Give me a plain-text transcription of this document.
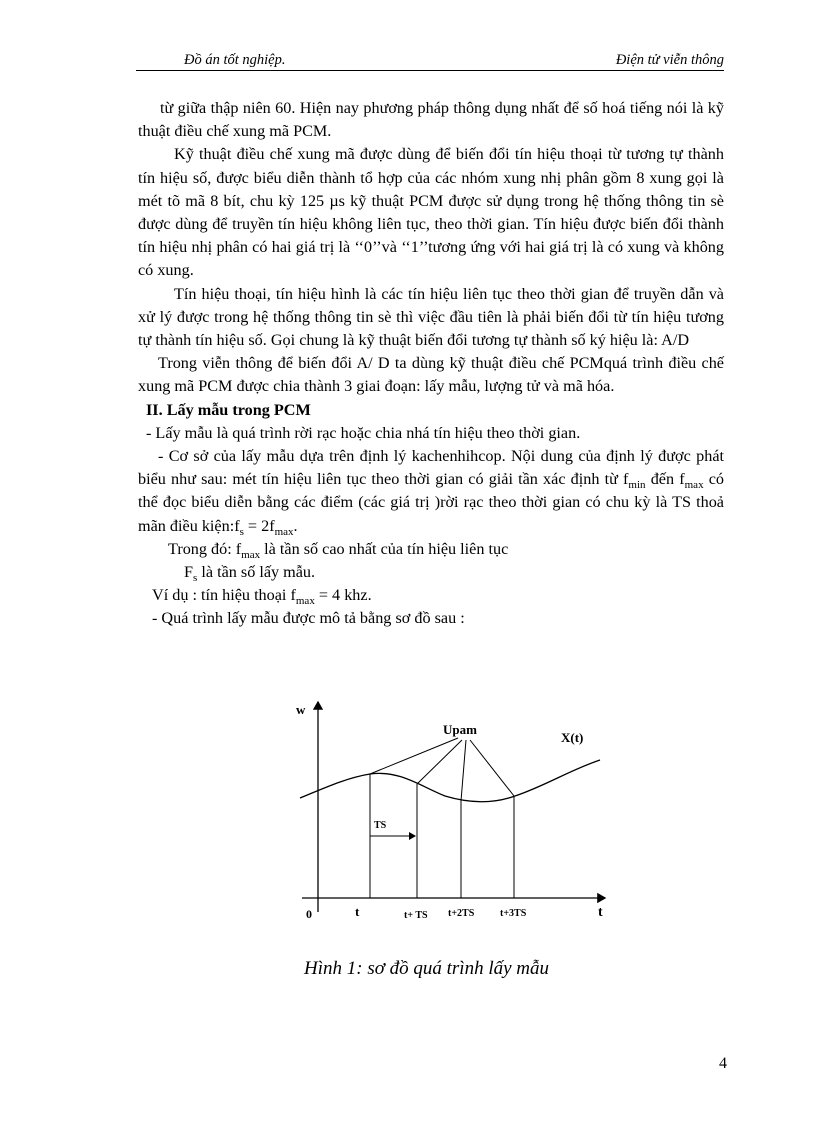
Đồ án tốt nghiệp.	Điện tử viễn thông

từ giữa thập niên 60. Hiện nay phương pháp thông dụng nhất để số hoá tiếng nói là kỹ thuật điều chế xung mã PCM.

Kỹ thuật điều chế xung mã được dùng để biến đổi tín hiệu thoại từ tương tự thành tín hiệu số, được biểu diễn thành tổ hợp của các nhóm xung nhị phân gồm 8 xung gọi là mét tõ mã 8 bít, chu kỳ 125 µs kỹ thuật PCM được sử dụng trong hệ thống thông tin sè được dùng để truyền tín hiệu không liên tục, theo thời gian. Tín hiệu được biến đổi thành tín hiệu nhị phân có hai giá trị là ‘‘0’’và ‘‘1’’tương ứng với hai giá trị là có xung và không có xung.

Tín hiệu thoại, tín hiệu hình là các tín hiệu liên tục theo thời gian để truyền dẫn và xử lý được trong hệ thống thông tin sè thì việc đầu tiên là phải biến đổi từ tín hiệu tương tự thành tín hiệu số. Gọi chung là kỹ thuật biến đổi tương tự thành số ký hiệu là: A/D

Trong viễn thông để biến đổi A/ D ta dùng kỹ thuật điều chế PCMquá trình điều chế xung mã PCM được chia thành 3 giai đoạn: lấy mẫu, lượng tử và mã hóa.

II. Lấy mẫu trong PCM

- Lấy mẫu là quá trình rời rạc hoặc chia nhá tín hiệu theo thời gian.

- Cơ sở của lấy mẫu dựa trên định lý kachenhihcop. Nội dung của định lý được phát biểu như sau: mét tín hiệu liên tục theo thời gian có giải tần xác định từ $f_{min}$ đến $f_{max}$ có thể đọc biểu diễn bằng các điểm (các giá trị )rời rạc theo thời gian có chu kỳ là TS thoả mãn điều $kiện:f_s = 2f_{max}$.

Trong đó: $f_{max}$ là tần số cao nhất của tín hiệu liên tục

$F_s$ là tần số lấy mẫu.

Ví dụ : tín hiệu thoại $f_{max} = 4$ khz.

- Quá trình lấy mẫu được mô tả bằng sơ đồ sau :

w
t
0
Upam
X(t)
TS
t	t+ TS t+2TS	t+3TS
Hình 1: sơ đồ quá trình lấy mẫu
4
